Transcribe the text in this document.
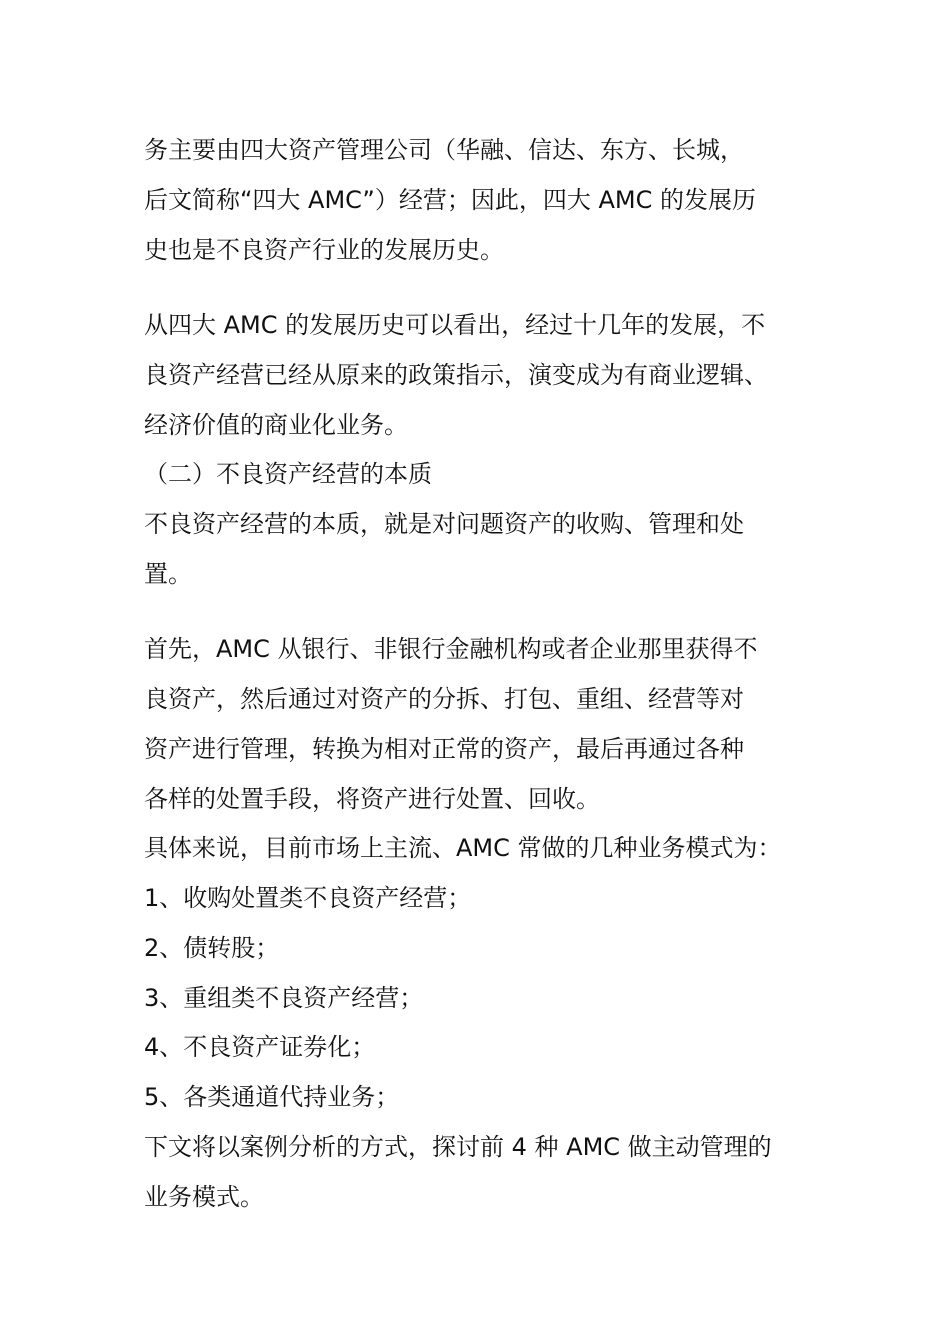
务主要由四大资产管理公司（华融、信达、东方、长城，
后文简称“四大 AMC”）经营；因此，四大 AMC 的发展历
史也是不良资产行业的发展历史。
从四大 AMC 的发展历史可以看出，经过十几年的发展，不
良资产经营已经从原来的政策指示，演变成为有商业逻辑、
经济价值的商业化业务。
（二）不良资产经营的本质
不良资产经营的本质，就是对问题资产的收购、管理和处
置。
首先，AMC 从银行、非银行金融机构或者企业那里获得不
良资产，然后通过对资产的分拆、打包、重组、经营等对
资产进行管理，转换为相对正常的资产，最后再通过各种
各样的处置手段，将资产进行处置、回收。
具体来说，目前市场上主流、AMC 常做的几种业务模式为：
1、收购处置类不良资产经营；
2、债转股；
3、重组类不良资产经营；
4、不良资产证券化；
5、各类通道代持业务；
下文将以案例分析的方式，探讨前 4 种 AMC 做主动管理的
业务模式。
